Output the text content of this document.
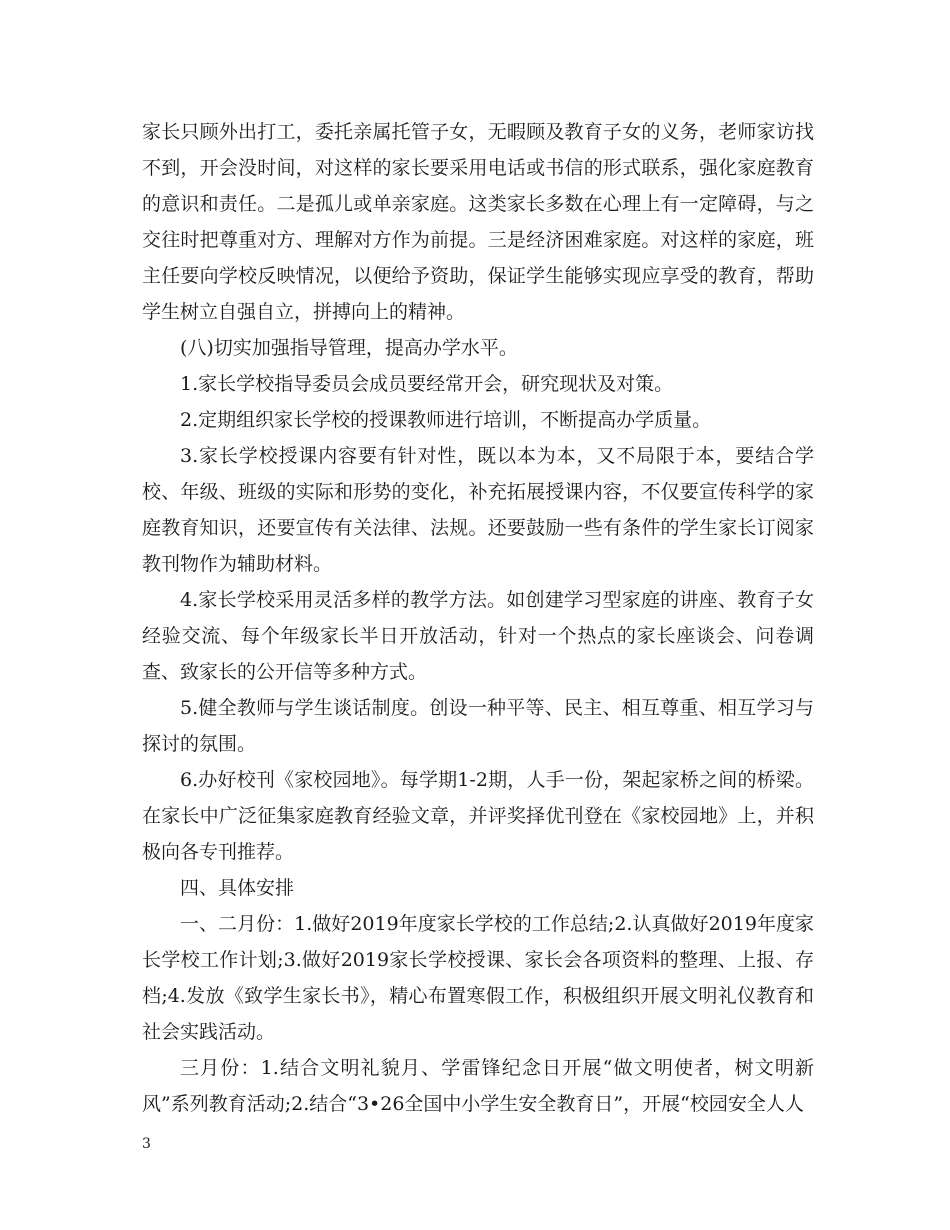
家长只顾外出打工，委托亲属托管子女，无暇顾及教育子女的义务，老师家访找不到，开会没时间，对这样的家长要采用电话或书信的形式联系，强化家庭教育的意识和责任。二是孤儿或单亲家庭。这类家长多数在心理上有一定障碍，与之交往时把尊重对方、理解对方作为前提。三是经济困难家庭。对这样的家庭，班主任要向学校反映情况，以便给予资助，保证学生能够实现应享受的教育，帮助学生树立自强自立，拼搏向上的精神。

(八)切实加强指导管理，提高办学水平。

1.家长学校指导委员会成员要经常开会，研究现状及对策。

2.定期组织家长学校的授课教师进行培训，不断提高办学质量。

3.家长学校授课内容要有针对性，既以本为本，又不局限于本，要结合学校、年级、班级的实际和形势的变化，补充拓展授课内容，不仅要宣传科学的家庭教育知识，还要宣传有关法律、法规。还要鼓励一些有条件的学生家长订阅家教刊物作为辅助材料。

4.家长学校采用灵活多样的教学方法。如创建学习型家庭的讲座、教育子女经验交流、每个年级家长半日开放活动，针对一个热点的家长座谈会、问卷调查、致家长的公开信等多种方式。

5.健全教师与学生谈话制度。创设一种平等、民主、相互尊重、相互学习与探讨的氛围。

6.办好校刊《家校园地》。每学期1-2期，人手一份，架起家桥之间的桥梁。在家长中广泛征集家庭教育经验文章，并评奖择优刊登在《家校园地》上，并积极向各专刊推荐。

四、具体安排

一、二月份：1.做好2019年度家长学校的工作总结;2.认真做好2019年度家长学校工作计划;3.做好2019家长学校授课、家长会各项资料的整理、上报、存档;4.发放《致学生家长书》，精心布置寒假工作，积极组织开展文明礼仪教育和社会实践活动。

三月份：1.结合文明礼貌月、学雷锋纪念日开展“做文明使者，树文明新风”系列教育活动;2.结合“3•26全国中小学生安全教育日”，开展“校园安全人人

3
